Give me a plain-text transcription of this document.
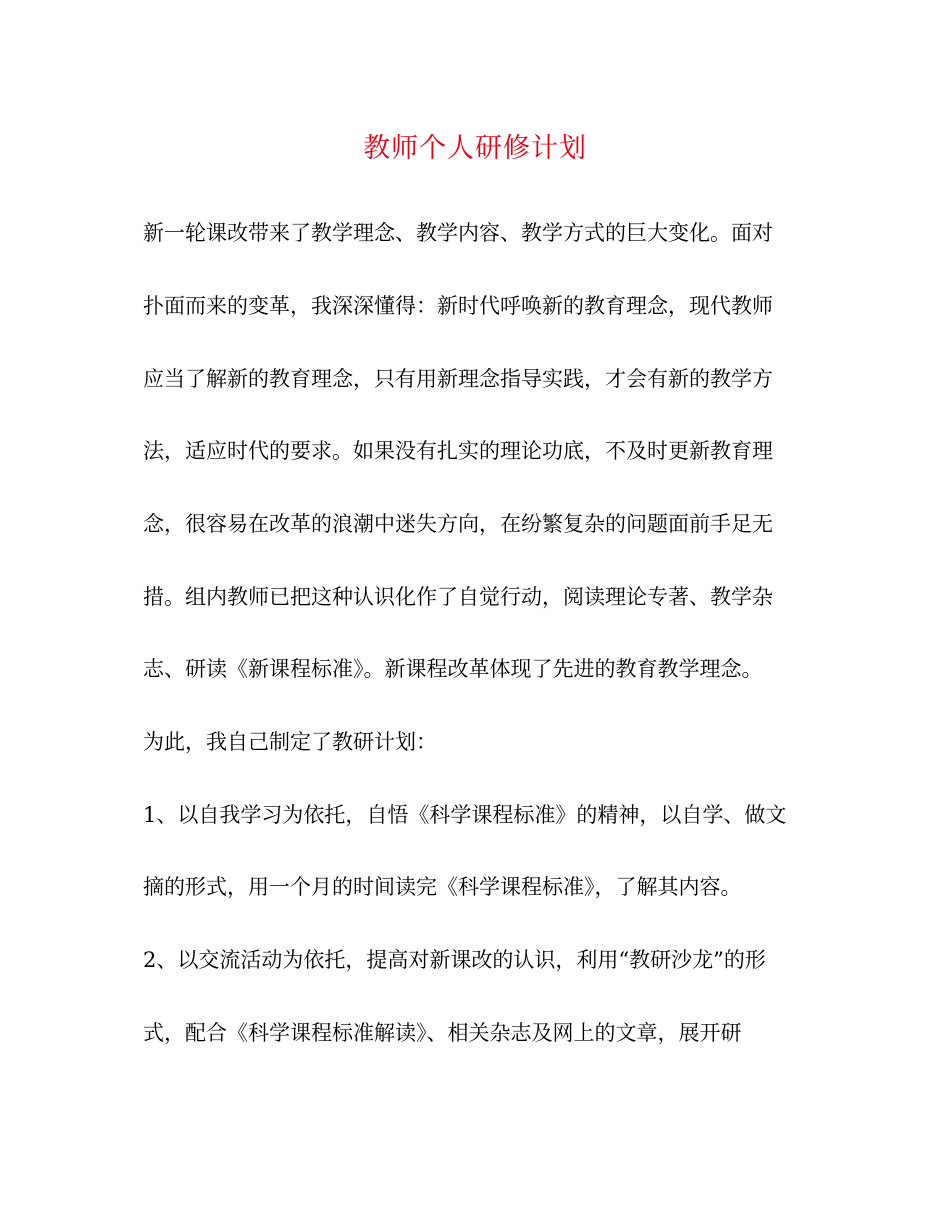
教师个人研修计划
新一轮课改带来了教学理念、教学内容、教学方式的巨大变化。面对
扑面而来的变革，我深深懂得：新时代呼唤新的教育理念，现代教师
应当了解新的教育理念，只有用新理念指导实践，才会有新的教学方
法，适应时代的要求。如果没有扎实的理论功底，不及时更新教育理
念，很容易在改革的浪潮中迷失方向，在纷繁复杂的问题面前手足无
措。组内教师已把这种认识化作了自觉行动，阅读理论专著、教学杂
志、研读《新课程标准》。新课程改革体现了先进的教育教学理念。
为此，我自己制定了教研计划：
1、以自我学习为依托，自悟《科学课程标准》的精神，以自学、做文
摘的形式，用一个月的时间读完《科学课程标准》，了解其内容。
2、以交流活动为依托，提高对新课改的认识，利用“教研沙龙”的形
式，配合《科学课程标准解读》、相关杂志及网上的文章，展开研
